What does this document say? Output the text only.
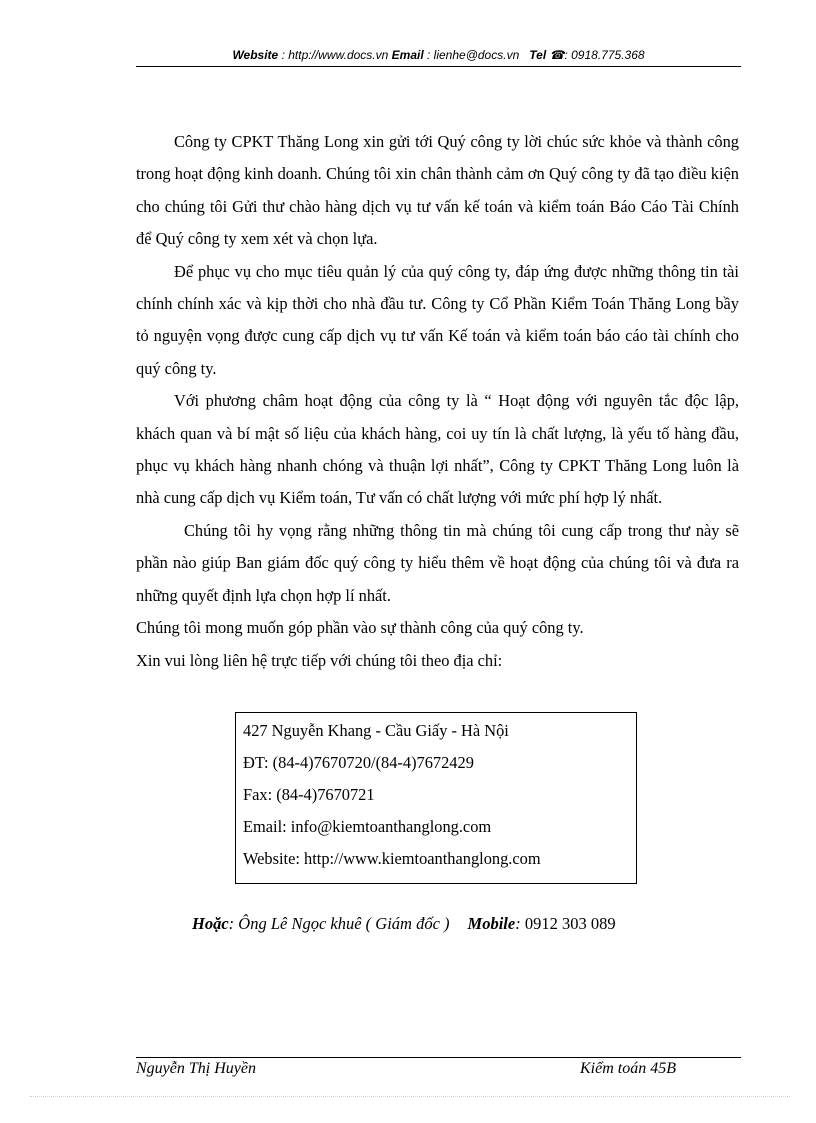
Website : http://www.docs.vn Email : lienhe@docs.vn Tel ☎: 0918.775.368

Công ty CPKT Thăng Long xin gửi tới Quý công ty lời chúc sức khỏe và thành công trong hoạt động kinh doanh. Chúng tôi xin chân thành cảm ơn Quý công ty đã tạo điều kiện cho chúng tôi Gửi thư chào hàng dịch vụ tư vấn kế toán và kiểm toán Báo Cáo Tài Chính để Quý công ty xem xét và chọn lựa.

Để phục vụ cho mục tiêu quản lý của quý công ty, đáp ứng được những thông tin tài chính chính xác và kịp thời cho nhà đầu tư. Công ty Cổ Phần Kiểm Toán Thăng Long bầy tỏ nguyện vọng được cung cấp dịch vụ tư vấn Kế toán và kiểm toán báo cáo tài chính cho quý công ty.

Với phương châm hoạt động của công ty là “ Hoạt động với nguyên tắc độc lập, khách quan và bí mật số liệu của khách hàng, coi uy tín là chất lượng, là yếu tố hàng đầu, phục vụ khách hàng nhanh chóng và thuận lợi nhất”, Công ty CPKT Thăng Long luôn là nhà cung cấp dịch vụ Kiểm toán, Tư vấn có chất lượng với mức phí hợp lý nhất.

Chúng tôi hy vọng rằng những thông tin mà chúng tôi cung cấp trong thư này sẽ phần nào giúp Ban giám đốc quý công ty hiểu thêm về hoạt động của chúng tôi và đưa ra những quyết định lựa chọn hợp lí nhất.

Chúng tôi mong muốn góp phần vào sự thành công của quý công ty.

Xin vui lòng liên hệ trực tiếp với chúng tôi theo địa chỉ:

427 Nguyễn Khang - Cầu Giấy - Hà Nội
ĐT: (84-4)7670720/(84-4)7672429
Fax: (84-4)7670721
Email: info@kiemtoanthanglong.com
Website: http://www.kiemtoanthanglong.com
Hoặc: Ông Lê Ngọc khuê ( Giám đốc ) Mobile: 0912 303 089
Nguyễn Thị Huyền	Kiểm toán 45B
